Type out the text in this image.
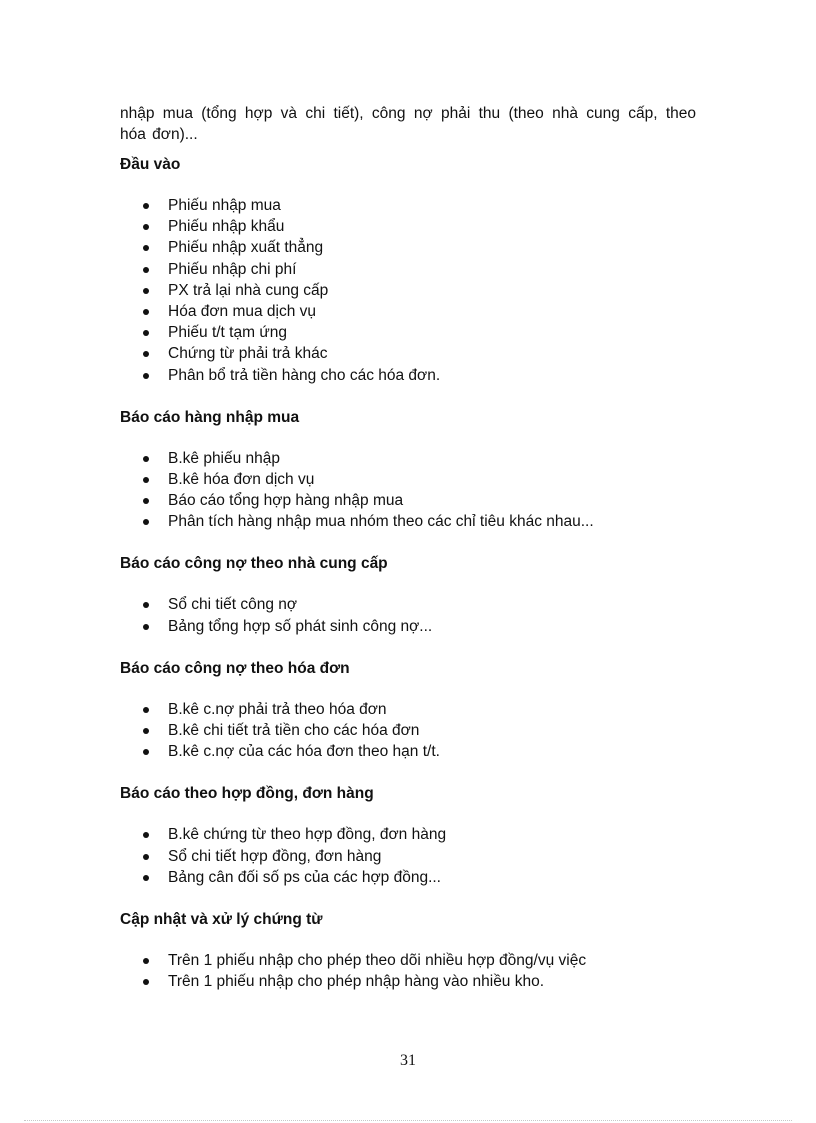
nhập mua (tổng hợp và chi tiết), công nợ phải thu (theo nhà cung cấp, theo hóa đơn)...

Đầu vào
Phiếu nhập mua
Phiếu nhập khẩu
Phiếu nhập xuất thẳng
Phiếu nhập chi phí
PX trả lại nhà cung cấp
Hóa đơn mua dịch vụ
Phiếu t/t tạm ứng
Chứng từ phải trả khác
Phân bổ trả tiền hàng cho các hóa đơn.
Báo cáo hàng nhập mua
B.kê phiếu nhập
B.kê hóa đơn dịch vụ
Báo cáo tổng hợp hàng nhập mua
Phân tích hàng nhập mua nhóm theo các chỉ tiêu khác nhau...
Báo cáo công nợ theo nhà cung cấp
Sổ chi tiết công nợ
Bảng tổng hợp số phát sinh công nợ...
Báo cáo công nợ theo hóa đơn
B.kê c.nợ phải trả theo hóa đơn
B.kê chi tiết trả tiền cho các hóa đơn
B.kê c.nợ của các hóa đơn theo hạn t/t.
Báo cáo theo hợp đồng, đơn hàng
B.kê chứng từ theo hợp đồng, đơn hàng
Sổ chi tiết hợp đồng, đơn hàng
Bảng cân đối số ps của các hợp đồng...
Cập nhật và xử lý chứng từ
Trên 1 phiếu nhập cho phép theo dõi nhiều hợp đồng/vụ việc
Trên 1 phiếu nhập cho phép nhập hàng vào nhiều kho.
31
